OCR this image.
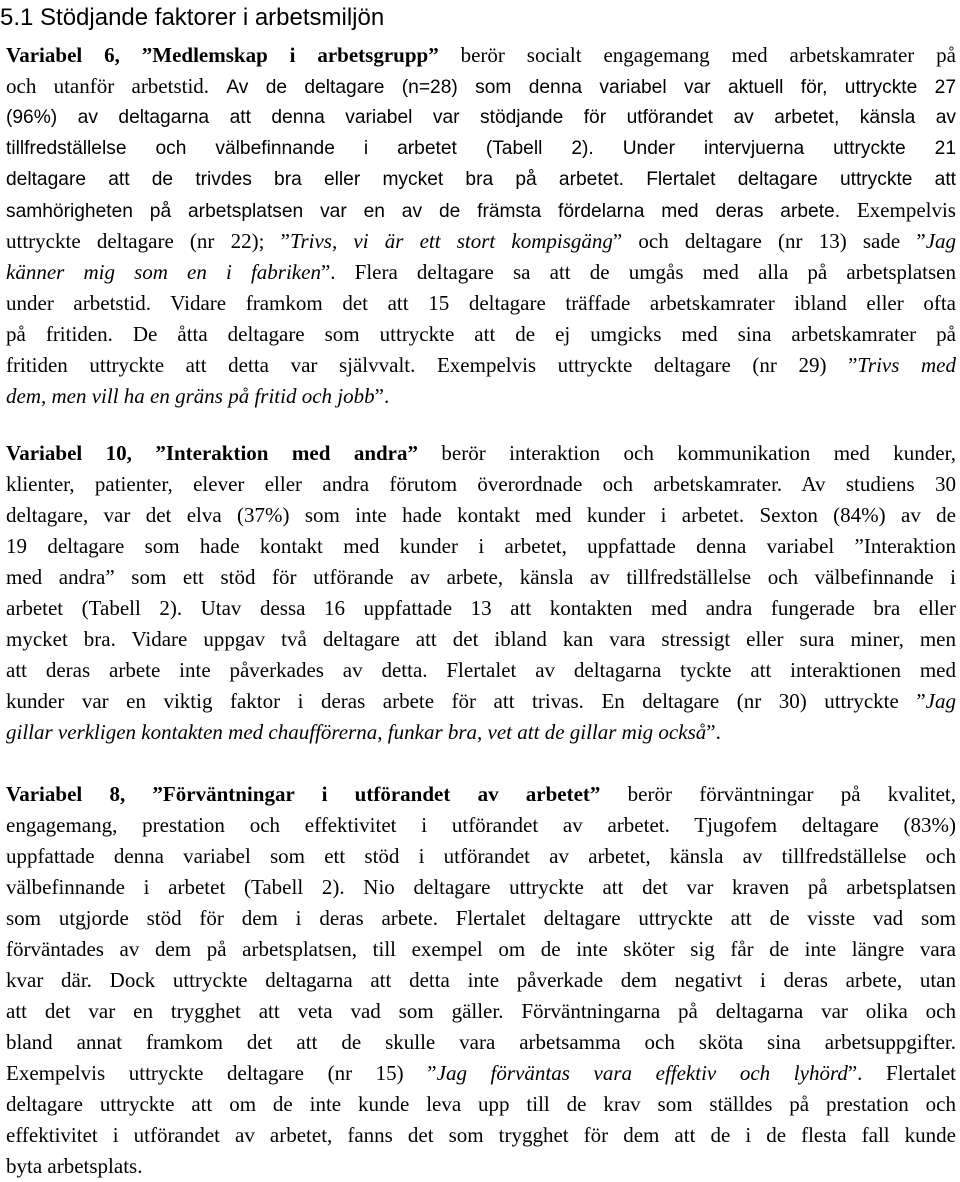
5.1 Stödjande faktorer i arbetsmiljön
Variabel 6, ”Medlemskap i arbetsgrupp” berör socialt engagemang med arbetskamrater på
och utanför arbetstid. Av de deltagare (n=28) som denna variabel var aktuell för, uttryckte 27
(96%) av deltagarna att denna variabel var stödjande för utförandet av arbetet, känsla av
tillfredställelse och välbefinnande i arbetet (Tabell 2). Under intervjuerna uttryckte 21
deltagare att de trivdes bra eller mycket bra på arbetet. Flertalet deltagare uttryckte att
samhörigheten på arbetsplatsen var en av de främsta fördelarna med deras arbete. Exempelvis
uttryckte deltagare (nr 22); ”Trivs, vi är ett stort kompisgäng” och deltagare (nr 13) sade ”Jag
känner mig som en i fabriken”. Flera deltagare sa att de umgås med alla på arbetsplatsen
under arbetstid. Vidare framkom det att 15 deltagare träffade arbetskamrater ibland eller ofta
på fritiden. De åtta deltagare som uttryckte att de ej umgicks med sina arbetskamrater på
fritiden uttryckte att detta var självvalt. Exempelvis uttryckte deltagare (nr 29) ”Trivs med
dem, men vill ha en gräns på fritid och jobb”.
Variabel 10, ”Interaktion med andra” berör interaktion och kommunikation med kunder,
klienter, patienter, elever eller andra förutom överordnade och arbetskamrater. Av studiens 30
deltagare, var det elva (37%) som inte hade kontakt med kunder i arbetet. Sexton (84%) av de
19 deltagare som hade kontakt med kunder i arbetet, uppfattade denna variabel ”Interaktion
med andra” som ett stöd för utförande av arbete, känsla av tillfredställelse och välbefinnande i
arbetet (Tabell 2). Utav dessa 16 uppfattade 13 att kontakten med andra fungerade bra eller
mycket bra. Vidare uppgav två deltagare att det ibland kan vara stressigt eller sura miner, men
att deras arbete inte påverkades av detta. Flertalet av deltagarna tyckte att interaktionen med
kunder var en viktig faktor i deras arbete för att trivas. En deltagare (nr 30) uttryckte ”Jag
gillar verkligen kontakten med chaufförerna, funkar bra, vet att de gillar mig också”.
Variabel 8, ”Förväntningar i utförandet av arbetet” berör förväntningar på kvalitet,
engagemang, prestation och effektivitet i utförandet av arbetet. Tjugofem deltagare (83%)
uppfattade denna variabel som ett stöd i utförandet av arbetet, känsla av tillfredställelse och
välbefinnande i arbetet (Tabell 2). Nio deltagare uttryckte att det var kraven på arbetsplatsen
som utgjorde stöd för dem i deras arbete. Flertalet deltagare uttryckte att de visste vad som
förväntades av dem på arbetsplatsen, till exempel om de inte sköter sig får de inte längre vara
kvar där. Dock uttryckte deltagarna att detta inte påverkade dem negativt i deras arbete, utan
att det var en trygghet att veta vad som gäller. Förväntningarna på deltagarna var olika och
bland annat framkom det att de skulle vara arbetsamma och sköta sina arbetsuppgifter.
Exempelvis uttryckte deltagare (nr 15) ”Jag förväntas vara effektiv och lyhörd”. Flertalet
deltagare uttryckte att om de inte kunde leva upp till de krav som ställdes på prestation och
effektivitet i utförandet av arbetet, fanns det som trygghet för dem att de i de flesta fall kunde
byta arbetsplats.
